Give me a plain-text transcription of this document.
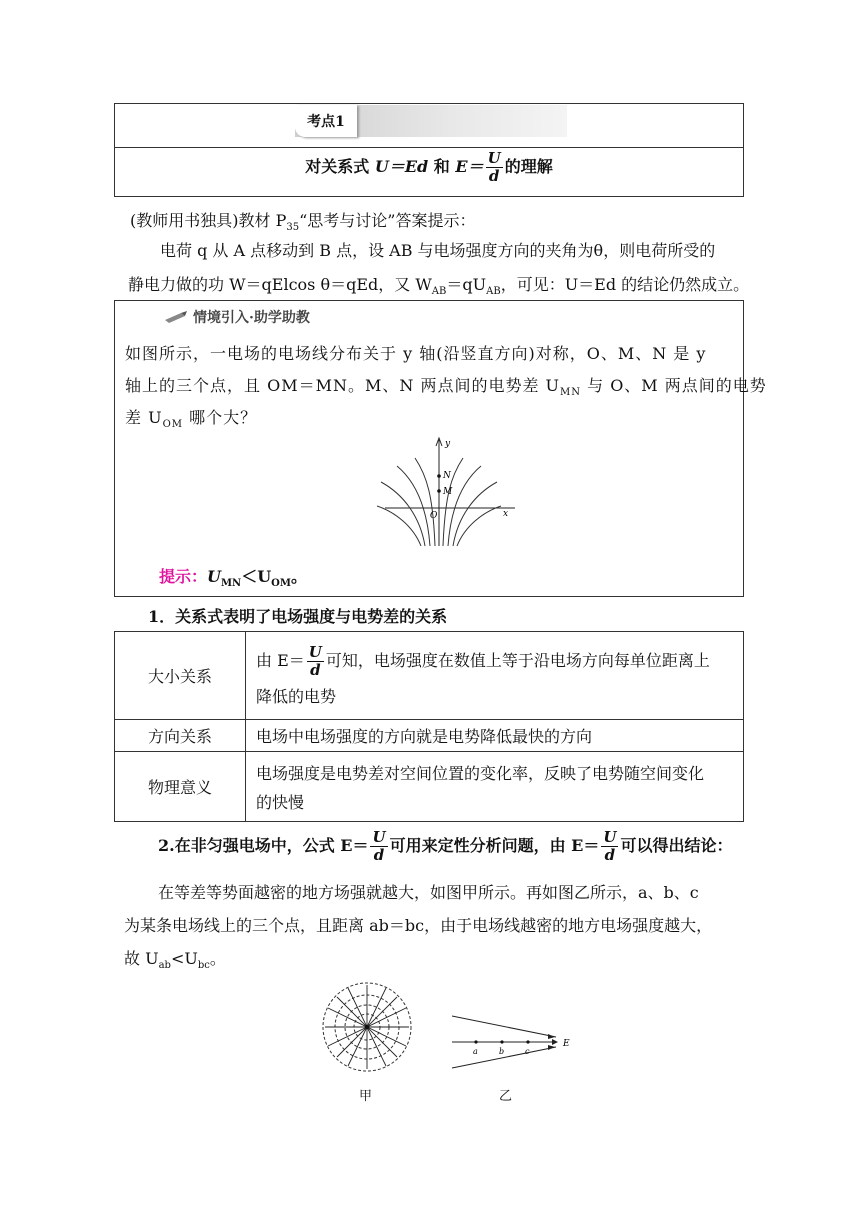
考点1
对关系式 U＝Ed 和 $E= \frac{U}{d}$ 的理解

(教师用书独具)教材 $P_{35}“$思考与讨论”答案提示：

电荷 q 从 A 点移动到 B 点，设 AB 与电场强度方向的夹角为θ，则电荷所受的

静电力做的功 W＝qElcos θ＝qEd，又 $W_{AB}=qU_{AB}$，可见：U＝Ed 的结论仍然成立。

情境引入·助学助教
如图所示，一电场的电场线分布关于 y 轴(沿竖直方向)对称，O、M、N 是 y
轴上的三个点，且 OM＝MN。M、N 两点间的电势差 $U_{MN}$ 与 O、M 两点间的电势
差 $U_{OM}$ 哪个大？
y
N
M
O	x
提示：$U_{MN}<U_{OM}$。

1．关系式表明了电场强度与电势差的关系

大小关系	由 $E= \frac{U}{d}$ 可知，电场强度在数值上等于沿电场方向每单位距离上
降低的电势

方向关系	电场中电场强度的方向就是电势降低最快的方向
物理意义	电场强度是电势差对空间位置的变化率，反映了电势随空间变化
的快慢

2.在非匀强电场中，公式 $E= \frac{U}{d}$ 可用来定性分析问题，由 $E= \frac{U}{d}$ 可以得出结论：

在等差等势面越密的地方场强就越大，如图甲所示。再如图乙所示，a、b、c

为某条电场线上的三个点，且距离 ab＝bc，由于电场线越密的地方电场强度越大，

故 $U_{ab}<U_{bc}$。

甲
a	b	c
E
乙
